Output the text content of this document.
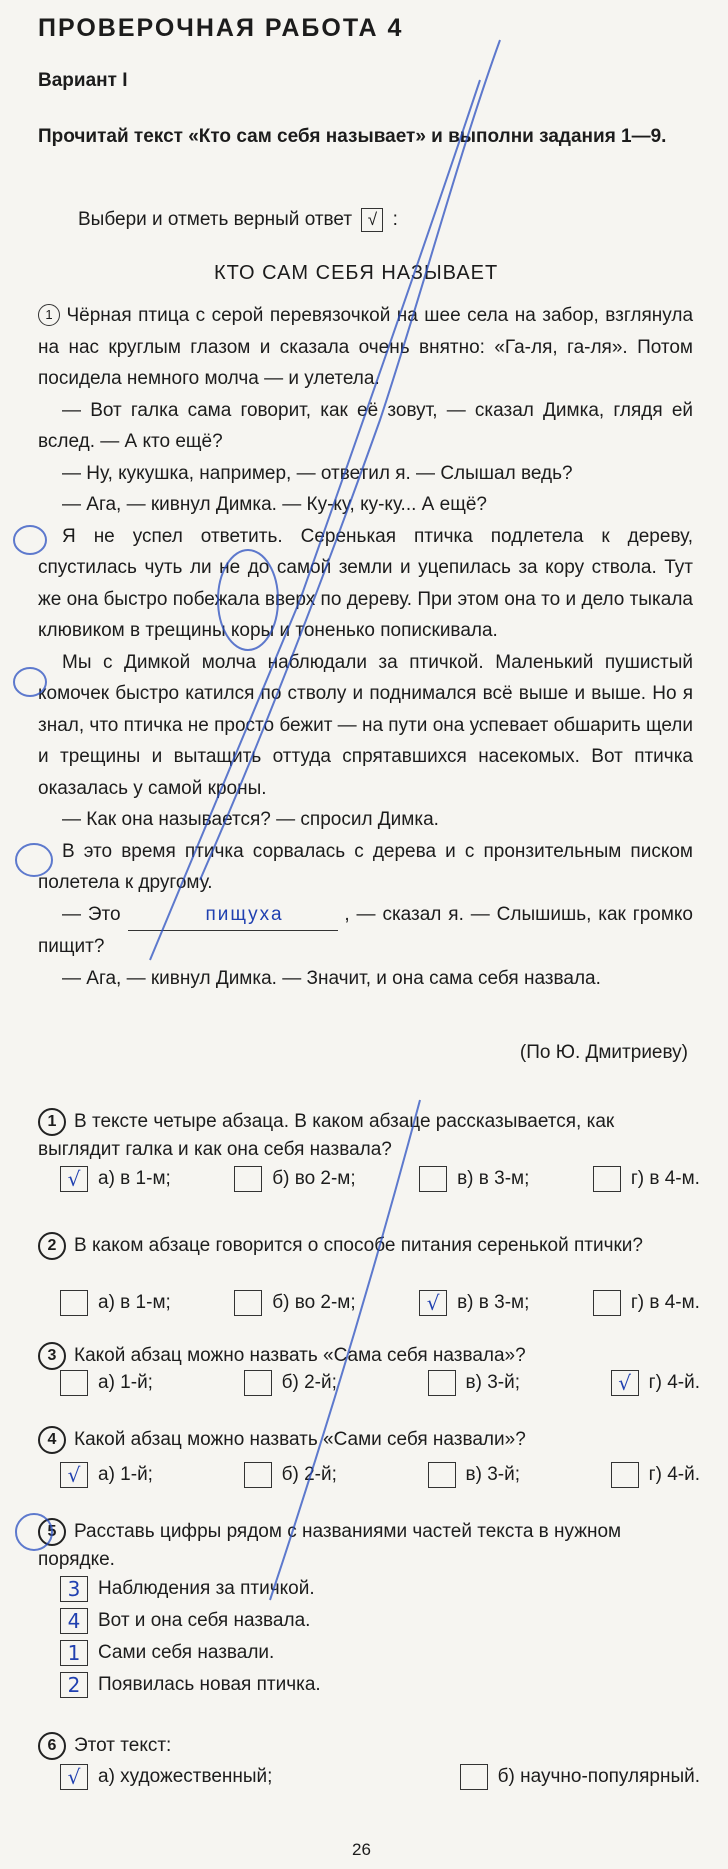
ПРОВЕРОЧНАЯ РАБОТА 4
Вариант I
Прочитай текст «Кто сам себя называет» и выполни задания 1—9.
Выбери и отметь верный ответ √ :
КТО САМ СЕБЯ НАЗЫВАЕТ

1 Чёрная птица с серой перевязочкой на шее села на забор, взглянула на нас круглым глазом и сказала очень внятно: «Га-ля, га-ля». Потом посидела немного молча — и улетела.

— Вот галка сама говорит, как её зовут, — сказал Димка, глядя ей вслед. — А кто ещё?

— Ну, кукушка, например, — ответил я. — Слышал ведь?

— Ага, — кивнул Димка. — Ку-ку, ку-ку... А ещё?

Я не успел ответить. Серенькая птичка подлетела к дереву, спустилась чуть ли не до самой земли и уцепилась за кору ствола. Тут же она быстро побежала вверх по дереву. При этом она то и дело тыкала клювиком в трещины коры и тоненько попискивала.

Мы с Димкой молча наблюдали за птичкой. Маленький пушистый комочек быстро катился по стволу и поднимался всё выше и выше. Но я знал, что птичка не просто бежит — на пути она успевает обшарить щели и трещины и вытащить оттуда спрятавшихся насекомых. Вот птичка оказалась у самой кроны.

— Как она называется? — спросил Димка.

В это время птичка сорвалась с дерева и с пронзительным писком полетела к другому.

— Это	пищуха	, — сказал я. — Слышишь, как громко пищит?

— Ага, — кивнул Димка. — Значит, и она сама себя назвала.

(По Ю. Дмитриеву)
1 В тексте четыре абзаца. В каком абзаце рассказывается, как выглядит галка и как она себя назвала?
√ а) в 1-м;	б) во 2-м;	в) в 3-м;	г) в 4-м.
2 В каком абзаце говорится о способе питания серенькой птички?
а) в 1-м;	б) во 2-м;	√ в) в 3-м;	г) в 4-м.
3 Какой абзац можно назвать «Сама себя назвала»?
а) 1-й;	б) 2-й;	в) 3-й;	√ г) 4-й.
4 Какой абзац можно назвать «Сами себя назвали»?
√ а) 1-й;	б) 2-й;	в) 3-й;	г) 4-й.
5 Расставь цифры рядом с названиями частей текста в нужном порядке.
3 Наблюдения за птичкой.
4 Вот и она себя назвала.
1 Сами себя назвали.
2 Появилась новая птичка.
6 Этот текст:
√ а) художественный;	б) научно-популярный.
26
